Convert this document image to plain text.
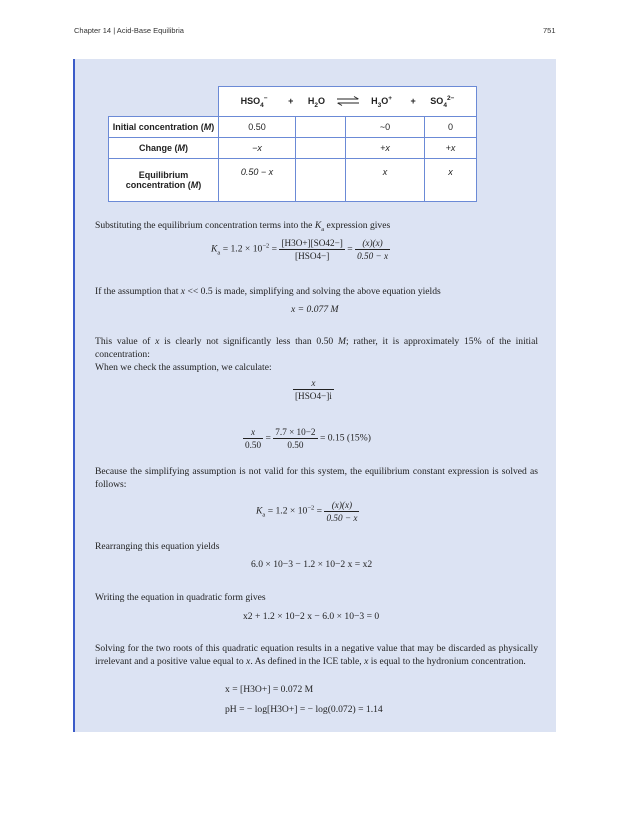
Chapter 14 | Acid-Base Equilibria	751
	$HSO_4^- + H_2O$ ⇌ $H_3O^+ + SO_4^{2-}$
Initial concentration (M)	0.50		~0	0
Change (M)	−x		+x	+x
Equilibrium concentration (M)	0.50 − x		x	x
Substituting the equilibrium concentration terms into the $K_a$ expression gives
$K_a = 1.2 \times 10^{-2} = \frac{[H3O+][SO42-]}{\text{[HSO4−]}} = \frac{(x)(x)}{0.50 - x}$
If the assumption that x << 0.5 is made, simplifying and solving the above equation yields
x = 0.077 M
This value of x is clearly not significantly less than 0.50 M; rather, it is approximately 15% of the initial concentration:
When we check the assumption, we calculate:
$\frac{x}{\text{[HSO4−]i}}$
$\frac{x}{0.50} = \frac{7.7 \times 10-2}{0.50} = 0.15$ (15%)
Because the simplifying assumption is not valid for this system, the equilibrium constant expression is solved as follows:
$K_a = 1.2 \times 10^{-2} = \frac{(x)(x)}{0.50 - x}$
Rearranging this equation yields
6.0 × 10−3 − 1.2 × 10−2 x = x2
Writing the equation in quadratic form gives
x2 + 1.2 × 10−2 x − 6.0 × 10−3 = 0
Solving for the two roots of this quadratic equation results in a negative value that may be discarded as physically irrelevant and a positive value equal to x. As defined in the ICE table, x is equal to the hydronium concentration.
x = [H3O+] = 0.072 M
pH = − log[H3O+] = − log(0.072) = 1.14
